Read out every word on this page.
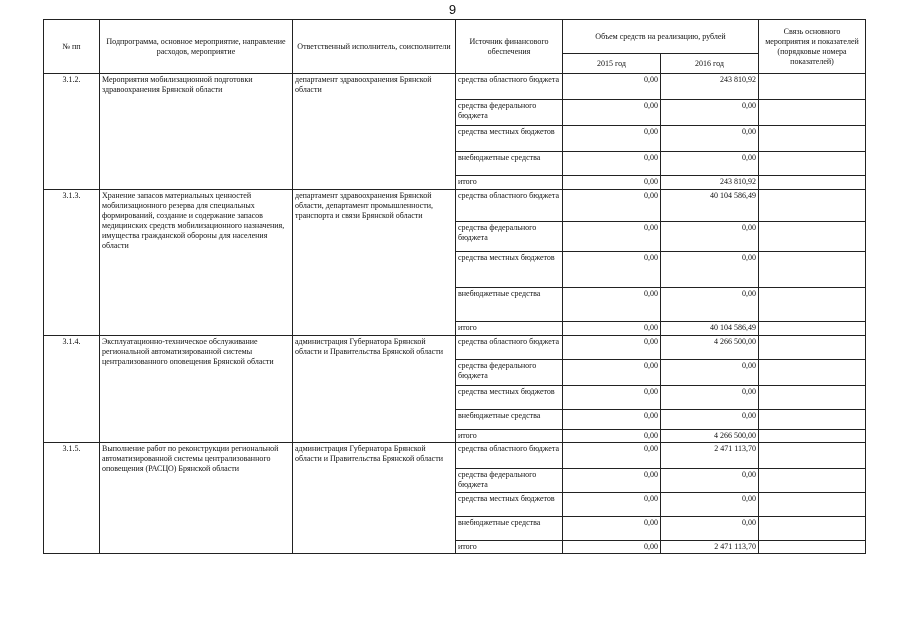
9
№ пп	Подпрограмма, основное мероприятие, направление расходов, мероприятие	Ответственный исполнитель, соисполнители	Источник финансового обеспечения	Объем средств на реализацию, рублей		Связь основного мероприятия и показателей (порядковые номера показателей)
				2015 год	2016 год	
3.1.2.	Мероприятия мобилизационной подготовки здравоохранения Брянской области	департамент здравоохранения Брянской области	средства областного бюджета	0,00	243 810,92	
			средства федерального бюджета	0,00	0,00	
			средства местных бюджетов	0,00	0,00	
			внебюджетные средства	0,00	0,00	
			итого	0,00	243 810,92	
3.1.3.	Хранение запасов материальных ценностей мобилизационного резерва для специальных формирований, создание и содержание запасов медицинских средств мобилизационного назначения, имущества гражданской обороны для населения области	департамент здравоохранения Брянской области, департамент промышленности, транспорта и связи Брянской области	средства областного бюджета	0,00	40 104 586,49	
			средства федерального бюджета	0,00	0,00	
			средства местных бюджетов	0,00	0,00	
			внебюджетные средства	0,00	0,00	
			итого	0,00	40 104 586,49	
3.1.4.	Эксплуатационно-техническое обслуживание региональной автоматизированной системы централизованного оповещения Брянской области	администрация Губернатора Брянской области и Правительства Брянской области	средства областного бюджета	0,00	4 266 500,00	
			средства федерального бюджета	0,00	0,00	
			средства местных бюджетов	0,00	0,00	
			внебюджетные средства	0,00	0,00	
			итого	0,00	4 266 500,00	
3.1.5.	Выполнение работ по реконструкции региональной автоматизированной системы централизованного оповещения (РАСЦО) Брянской области	администрация Губернатора Брянской области и Правительства Брянской области	средства областного бюджета	0,00	2 471 113,70	
			средства федерального бюджета	0,00	0,00	
			средства местных бюджетов	0,00	0,00	
			внебюджетные средства	0,00	0,00	
			итого	0,00	2 471 113,70	
